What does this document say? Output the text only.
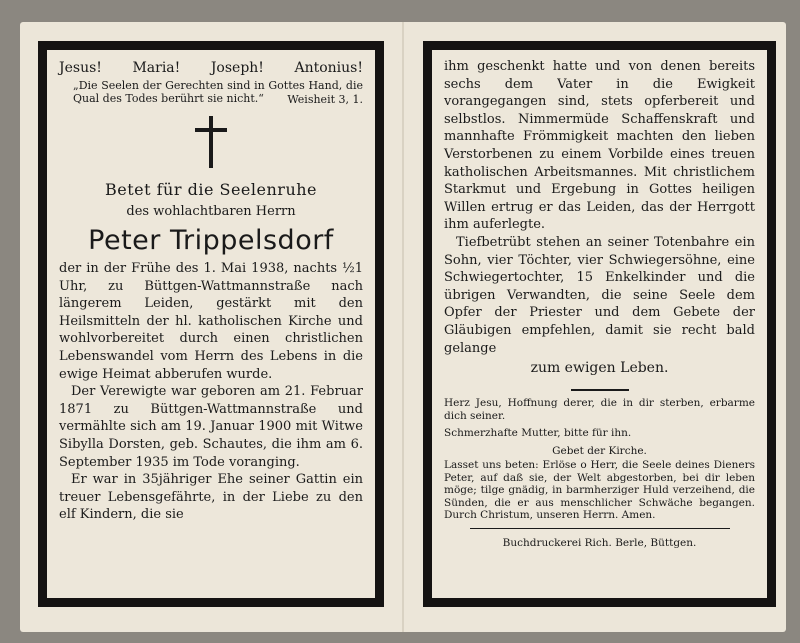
Jesus! Maria! Joseph! Antonius!
„Die Seelen der Gerechten sind in Gottes Hand, die Qual des Todes berührt sie nicht.“	Weisheit 3, 1.
Betet für die Seelenruhe
des wohlachtbaren Herrn
Peter Trippelsdorf

der in der Frühe des 1. Mai 1938, nachts ½1 Uhr, zu Büttgen-Wattmannstraße nach längerem Leiden, gestärkt mit den Heilsmitteln der hl. katholischen Kirche und wohlvorbereitet durch einen christlichen Lebenswandel vom Herrn des Lebens in die ewige Heimat abberufen wurde.

Der Verewigte war geboren am 21. Februar 1871 zu Büttgen-Wattmannstraße und vermählte sich am 19. Januar 1900 mit Witwe Sibylla Dorsten, geb. Schautes, die ihm am 6. September 1935 im Tode voranging.

Er war in 35jähriger Ehe seiner Gattin ein treuer Lebensgefährte, in der Liebe zu den elf Kindern, die sie

ihm geschenkt hatte und von denen bereits sechs dem Vater in die Ewigkeit vorangegangen sind, stets opferbereit und selbstlos. Nimmermüde Schaffenskraft und mannhafte Frömmigkeit machten den lieben Verstorbenen zu einem Vorbilde eines treuen katholischen Arbeitsmannes. Mit christlichem Starkmut und Ergebung in Gottes heiligen Willen ertrug er das Leiden, das der Herrgott ihm auferlegte.

Tiefbetrübt stehen an seiner Totenbahre ein Sohn, vier Töchter, vier Schwiegersöhne, eine Schwiegertochter, 15 Enkelkinder und die übrigen Verwandten, die seine Seele dem Opfer der Priester und dem Gebete der Gläubigen empfehlen, damit sie recht bald gelange

zum ewigen Leben.

Herz Jesu, Hoffnung derer, die in dir sterben, erbarme dich seiner.

Schmerzhafte Mutter, bitte für ihn.

Gebet der Kirche.

Lasset uns beten: Erlöse o Herr, die Seele deines Dieners Peter, auf daß sie, der Welt abgestorben, bei dir leben möge; tilge gnädig, in barmherziger Huld verzeihend, die Sünden, die er aus menschlicher Schwäche begangen. Durch Christum, unseren Herrn. Amen.

Buchdruckerei Rich. Berle, Büttgen.
